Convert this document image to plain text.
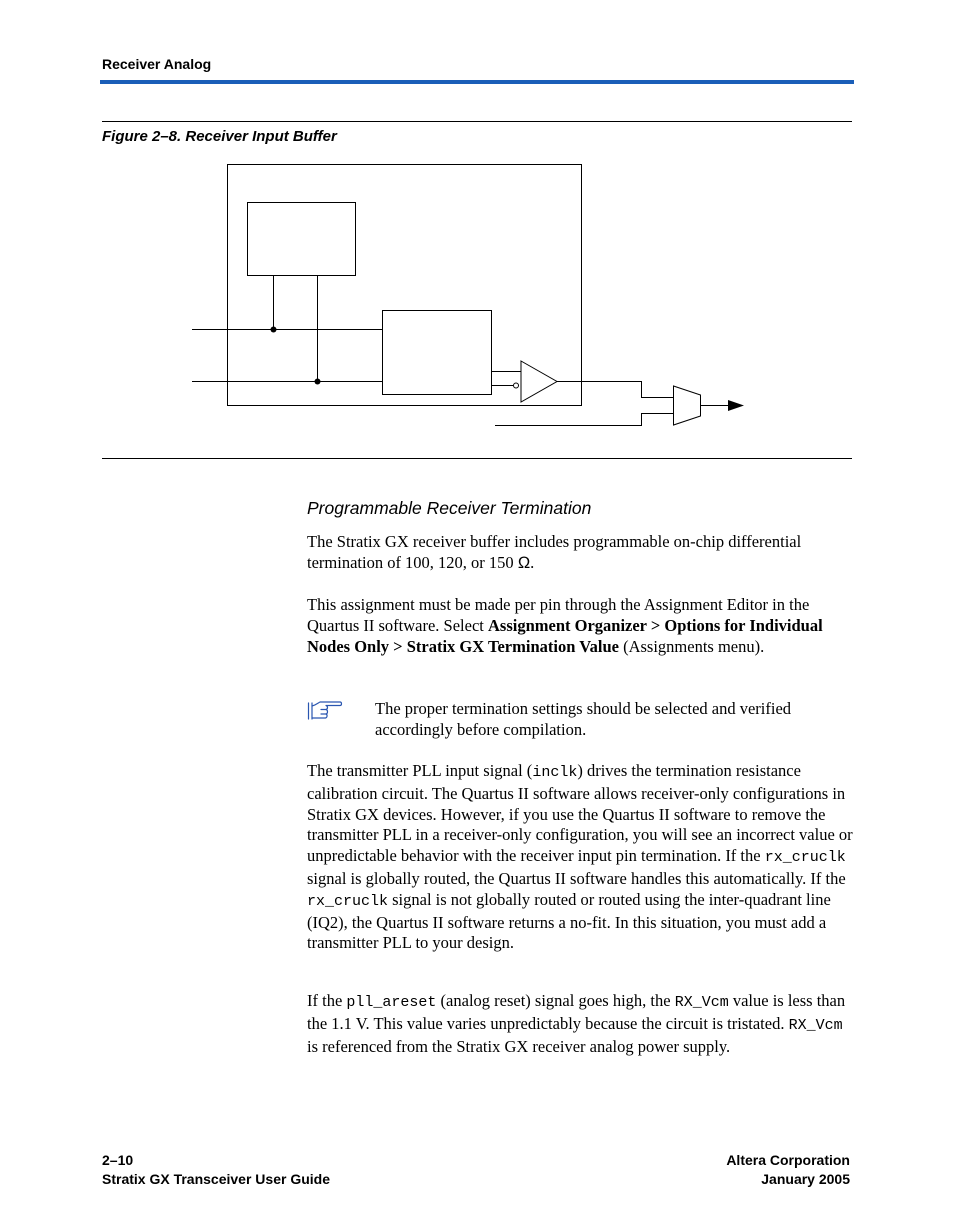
Receiver Analog
Figure 2–8. Receiver Input Buffer
Programmable Receiver Termination
The Stratix GX receiver buffer includes programmable on-chip differential termination of 100, 120, or 150 Ω.
This assignment must be made per pin through the Assignment Editor in the Quartus II software. Select Assignment Organizer > Options for Individual Nodes Only > Stratix GX Termination Value (Assignments menu).
The proper termination settings should be selected and verified accordingly before compilation.
The transmitter PLL input signal (inclk) drives the termination resistance calibration circuit. The Quartus II software allows receiver-only configurations in Stratix GX devices. However, if you use the Quartus II software to remove the transmitter PLL in a receiver-only configuration, you will see an incorrect value or unpredictable behavior with the receiver input pin termination. If the rx_cruclk signal is globally routed, the Quartus II software handles this automatically. If the rx_cruclk signal is not globally routed or routed using the inter-quadrant line (IQ2), the Quartus II software returns a no-fit. In this situation, you must add a transmitter PLL to your design.
If the pll_areset (analog reset) signal goes high, the RX_Vcm value is less than the 1.1 V. This value varies unpredictably because the circuit is tristated. RX_Vcm is referenced from the Stratix GX receiver analog power supply.
2–10
Stratix GX Transceiver User Guide
Altera Corporation
January 2005
